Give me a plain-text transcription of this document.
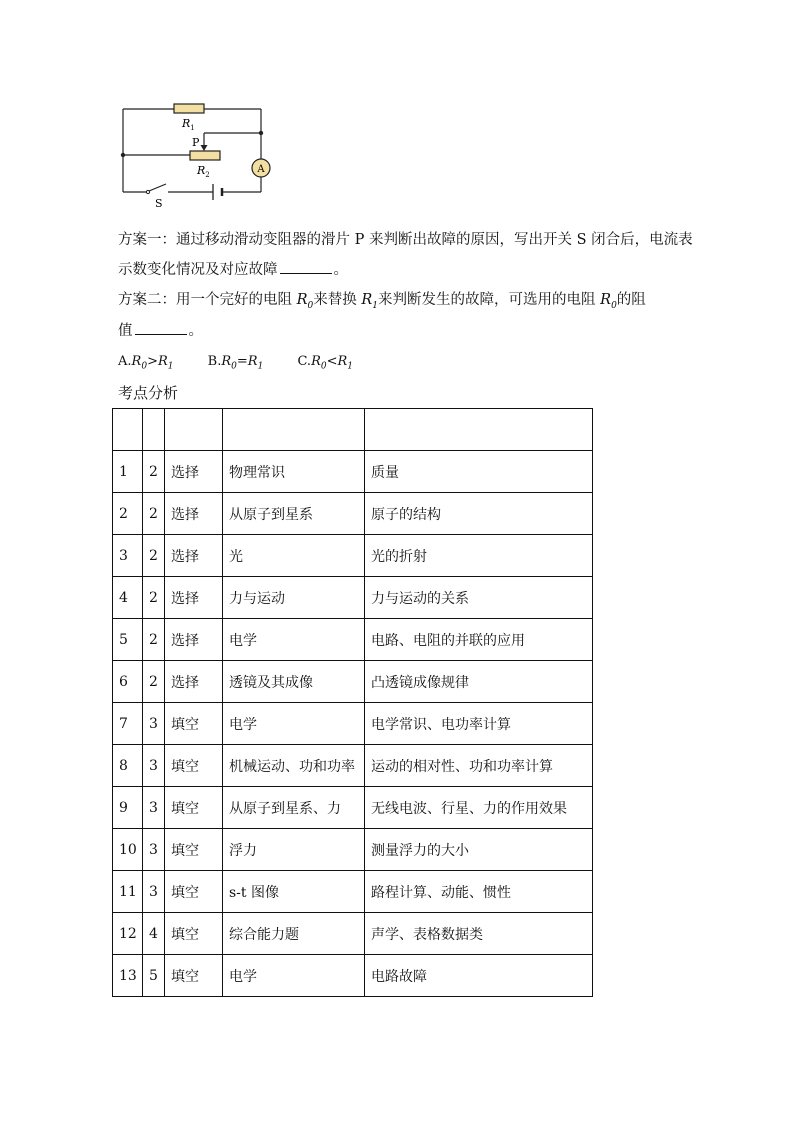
A
$R_1$
P
$R_2$
S
方案一：通过移动滑动变阻器的滑片 P 来判断出故障的原因，写出开关 S 闭合后，电流表
示数变化情况及对应故障	。
方案二：用一个完好的电阻 $R_0$来替换 $R_1$来判断发生的故障，可选用的电阻 $R_0$的阻
值	。
$A.R_0>R_1$	$B.R_0=R_1$	$C.R_0<R_1$
考点分析

1	2	选择	物理常识	质量
2	2	选择	从原子到星系	原子的结构
3	2	选择	光	光的折射
4	2	选择	力与运动	力与运动的关系
5	2	选择	电学	电路、电阻的并联的应用
6	2	选择	透镜及其成像	凸透镜成像规律
7	3	填空	电学	电学常识、电功率计算
8	3	填空	机械运动、功和功率	运动的相对性、功和功率计算
9	3	填空	从原子到星系、力	无线电波、行星、力的作用效果
10	3	填空	浮力	测量浮力的大小
11	3	填空	s-t 图像	路程计算、动能、惯性
12	4	填空	综合能力题	声学、表格数据类
13	5	填空	电学	电路故障
